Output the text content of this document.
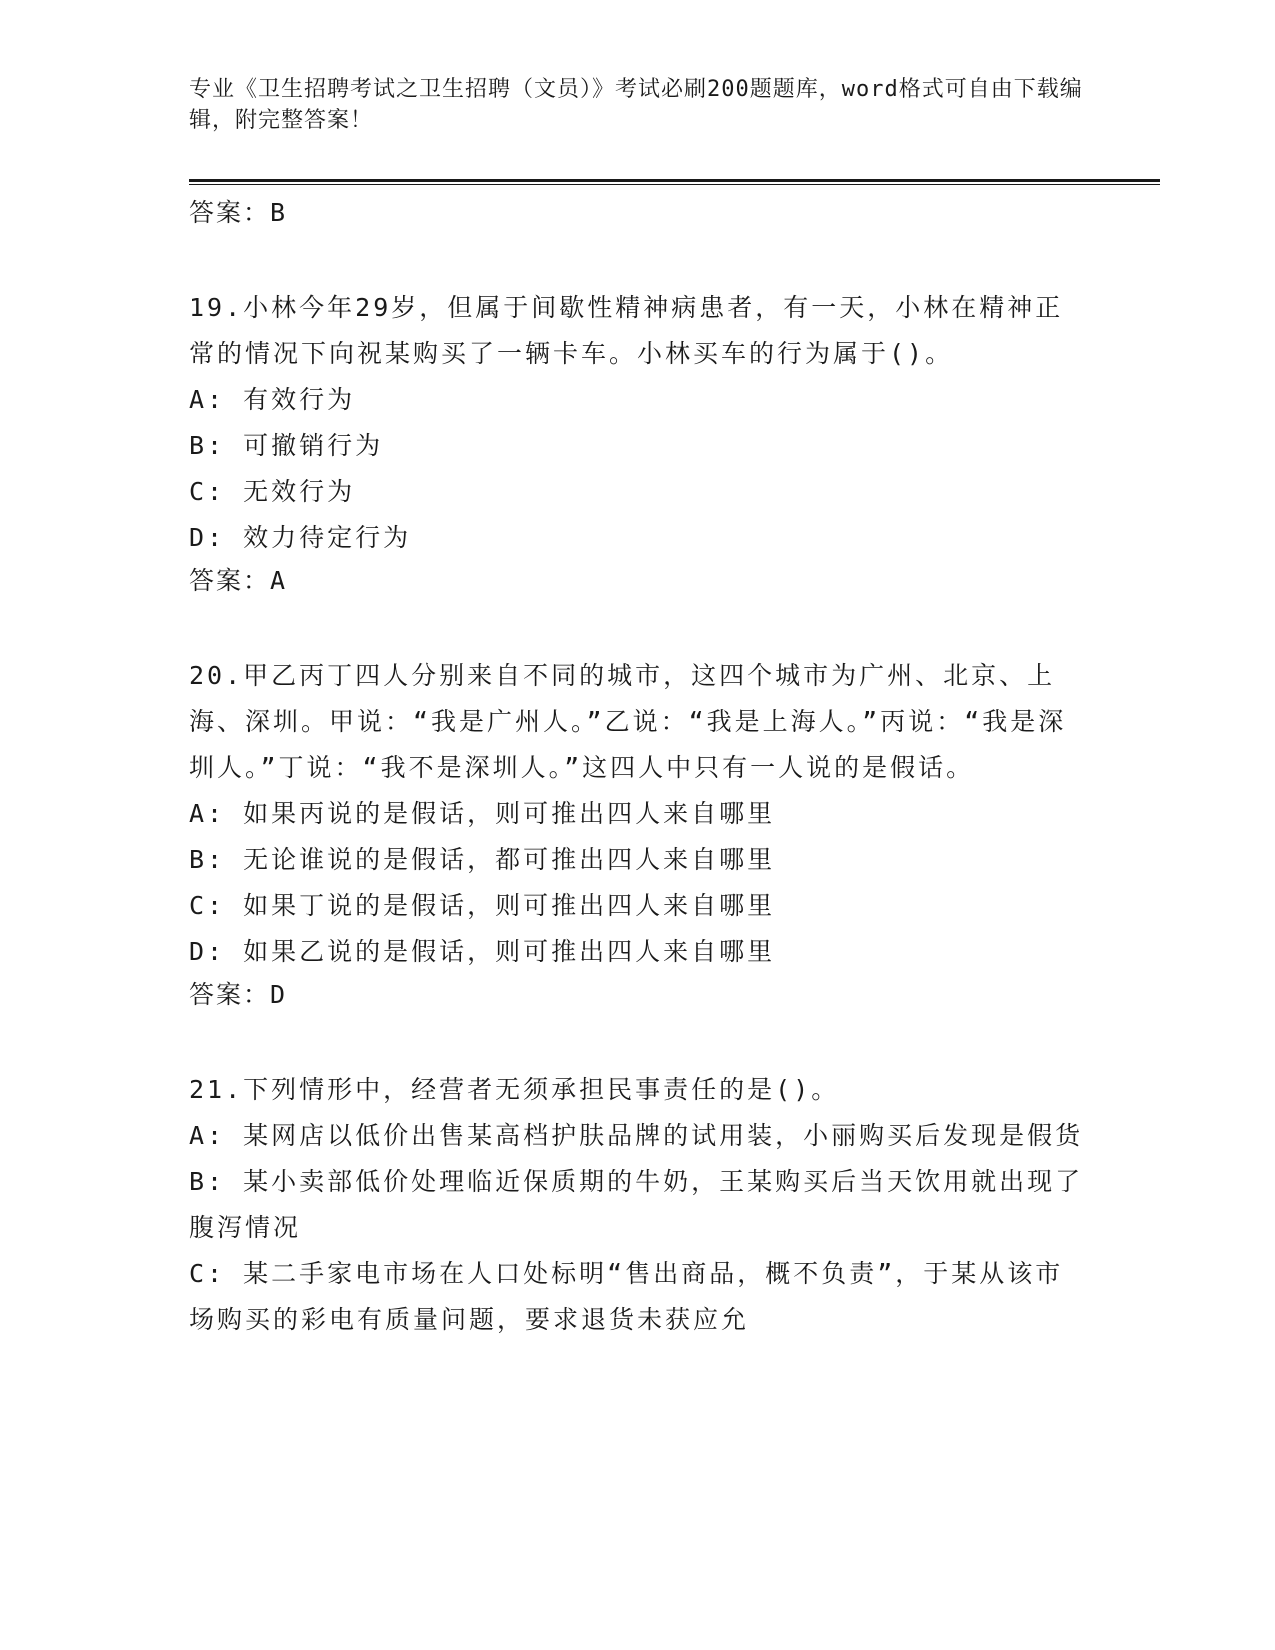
专业《卫生招聘考试之卫生招聘（文员）》考试必刷200题题库，word格式可自由下载编辑，附完整答案！
答案：B
19.小林今年29岁，但属于间歇性精神病患者，有一天，小林在精神正常的情况下向祝某购买了一辆卡车。小林买车的行为属于()。
A: 有效行为
B: 可撤销行为
C: 无效行为
D: 效力待定行为
答案：A
20.甲乙丙丁四人分别来自不同的城市，这四个城市为广州、北京、上海、深圳。甲说：“我是广州人。”乙说：“我是上海人。”丙说：“我是深圳人。”丁说：“我不是深圳人。”这四人中只有一人说的是假话。
A: 如果丙说的是假话，则可推出四人来自哪里
B: 无论谁说的是假话，都可推出四人来自哪里
C: 如果丁说的是假话，则可推出四人来自哪里
D: 如果乙说的是假话，则可推出四人来自哪里
答案：D
21.下列情形中，经营者无须承担民事责任的是()。
A: 某网店以低价出售某高档护肤品牌的试用装，小丽购买后发现是假货
B: 某小卖部低价处理临近保质期的牛奶，王某购买后当天饮用就出现了腹泻情况
C: 某二手家电市场在人口处标明“售出商品，概不负责”，于某从该市场购买的彩电有质量问题，要求退货未获应允
